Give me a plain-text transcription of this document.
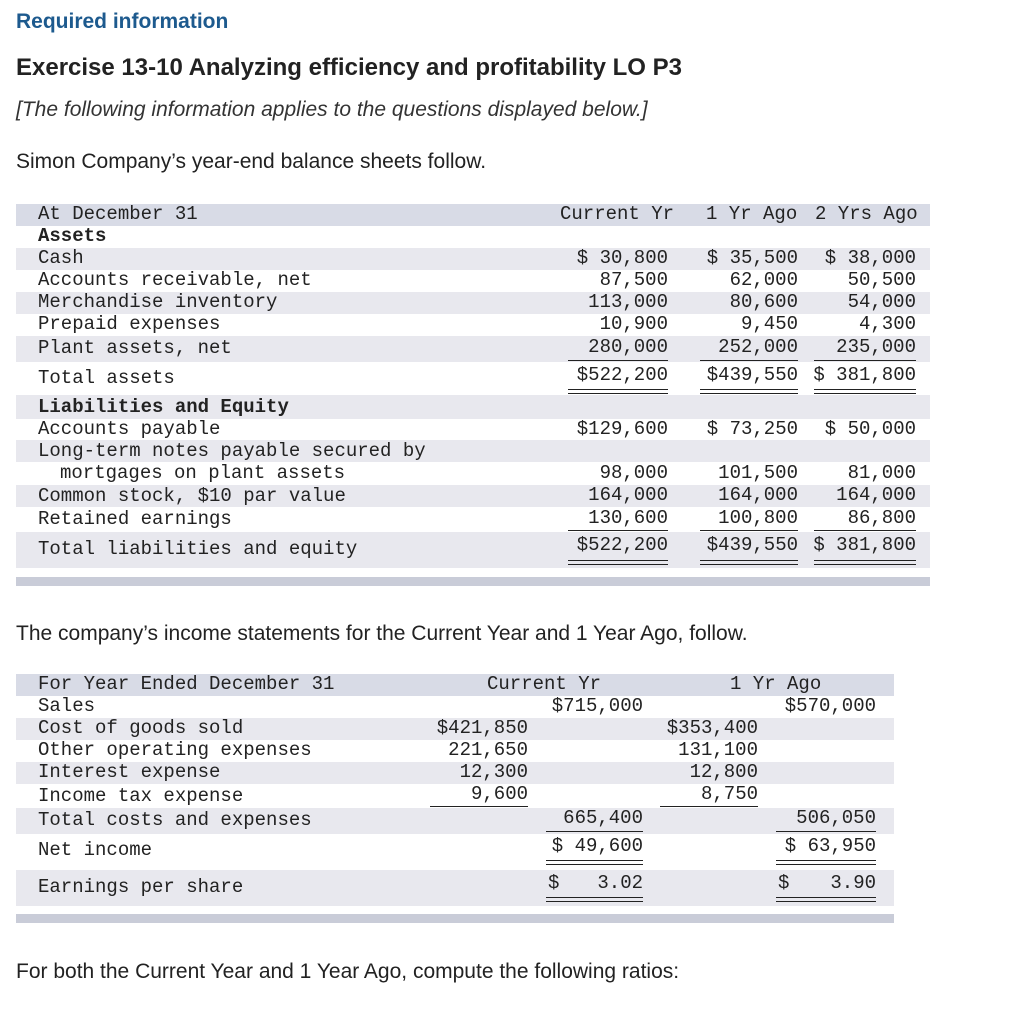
Required information
Exercise 13-10 Analyzing efficiency and profitability LO P3
[The following information applies to the questions displayed below.]
Simon Company’s year-end balance sheets follow.
At December 31	Current Yr 1 Yr Ago 2 Yrs Ago
Assets
Cash	$ 30,800	$ 35,500	$ 38,000
Accounts receivable, net	87,500	62,000	50,500
Merchandise inventory	113,000	80,600	54,000
Prepaid expenses	10,900	9,450	4,300
Plant assets, net	280,000	252,000	235,000
Total assets	$522,200	$439,550 $ 381,800
Liabilities and Equity
Accounts payable	$129,600	$ 73,250	$ 50,000
Long-term notes payable secured by
mortgages on plant assets	98,000	101,500	81,000
Common stock, $10 par value	164,000	164,000	164,000
Retained earnings	130,600	100,800	86,800
Total liabilities and equity	$522,200	$439,550 $ 381,800
The company’s income statements for the Current Year and 1 Year Ago, follow.
For Year Ended December 31	Current Yr	1 Yr Ago
Sales	$715,000	$570,000
Cost of goods sold	$421,850	$353,400
Other operating expenses	221,650	131,100
Interest expense	12,300	12,800
Income tax expense	9,600	8,750
Total costs and expenses	665,400	506,050
Net income	$ 49,600	$ 63,950
Earnings per share	$	3.02	$	3.90
For both the Current Year and 1 Year Ago, compute the following ratios:
